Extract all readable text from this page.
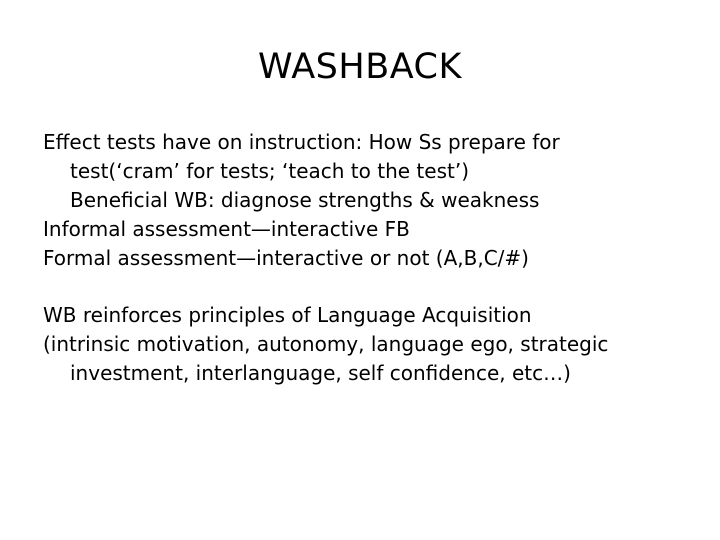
WASHBACK
Effect tests have on instruction: How Ss prepare for
test(‘cram’ for tests; ‘teach to the test’)
Beneficial WB: diagnose strengths & weakness
Informal assessment—interactive FB
Formal assessment—interactive or not (A,B,C/#)
WB reinforces principles of Language Acquisition
(intrinsic motivation, autonomy, language ego, strategic
investment, interlanguage, self confidence, etc…)
